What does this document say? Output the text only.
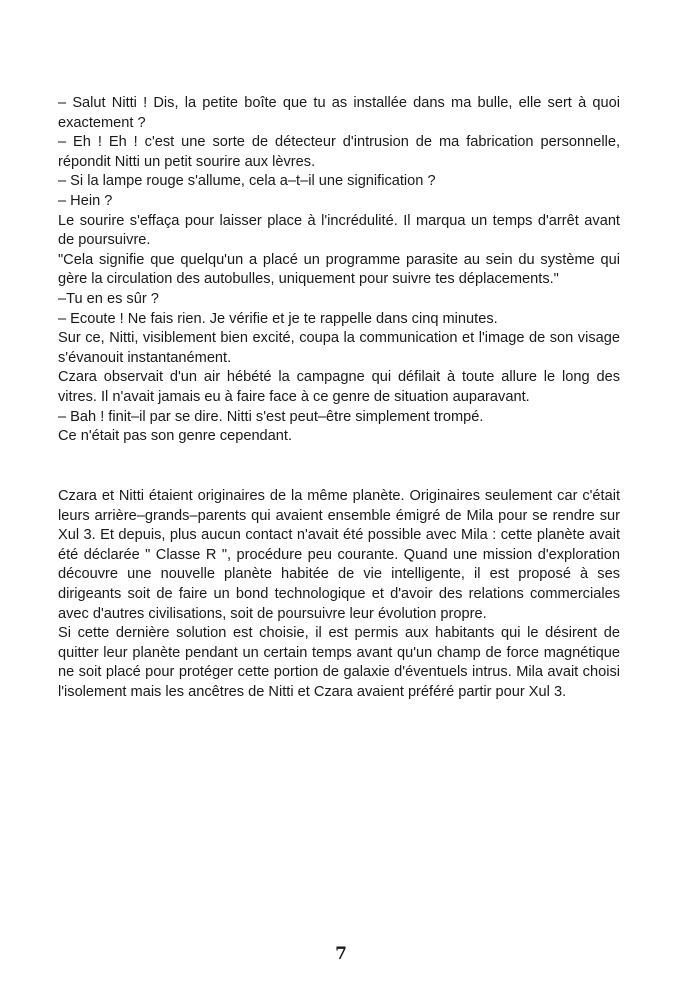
– Salut Nitti ! Dis, la petite boîte que tu as installée dans ma bulle, elle sert à quoi exactement ?

– Eh ! Eh ! c'est une sorte de détecteur d'intrusion de ma fabrication personnelle, répondit Nitti un petit sourire aux lèvres.

– Si la lampe rouge s'allume, cela a–t–il une signification ?

– Hein ?

Le sourire s'effaça pour laisser place à l'incrédulité. Il marqua un temps d'arrêt avant de poursuivre.

"Cela signifie que quelqu'un a placé un programme parasite au sein du système qui gère la circulation des autobulles, uniquement pour suivre tes déplacements."

–Tu en es sûr ?

– Ecoute ! Ne fais rien. Je vérifie et je te rappelle dans cinq minutes.

Sur ce, Nitti, visiblement bien excité, coupa la communication et l'image de son visage s'évanouit instantanément.

Czara observait d'un air hébété la campagne qui défilait à toute allure le long des vitres. Il n'avait jamais eu à faire face à ce genre de situation auparavant.

– Bah ! finit–il par se dire. Nitti s'est peut–être simplement trompé.

Ce n'était pas son genre cependant.

Czara et Nitti étaient originaires de la même planète. Originaires seulement car c'était leurs arrière–grands–parents qui avaient ensemble émigré de Mila pour se rendre sur Xul 3. Et depuis, plus aucun contact n'avait été possible avec Mila : cette planète avait été déclarée " Classe R ", procédure peu courante. Quand une mission d'exploration découvre une nouvelle planète habitée de vie intelligente, il est proposé à ses dirigeants soit de faire un bond technologique et d'avoir des relations commerciales avec d'autres civilisations, soit de poursuivre leur évolution propre.

Si cette dernière solution est choisie, il est permis aux habitants qui le désirent de quitter leur planète pendant un certain temps avant qu'un champ de force magnétique ne soit placé pour protéger cette portion de galaxie d'éventuels intrus. Mila avait choisi l'isolement mais les ancêtres de Nitti et Czara avaient préféré partir pour Xul 3.

7
